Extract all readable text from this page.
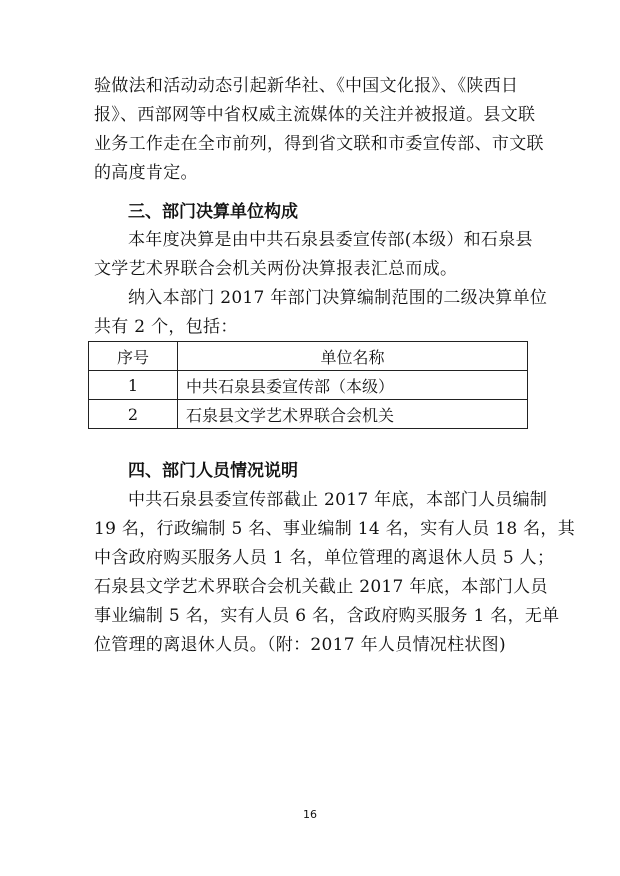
验做法和活动动态引起新华社、《中国文化报》、《陕西日
报》、西部网等中省权威主流媒体的关注并被报道。县文联
业务工作走在全市前列，得到省文联和市委宣传部、市文联
的高度肯定。
三、部门决算单位构成
本年度决算是由中共石泉县委宣传部(本级）和石泉县
文学艺术界联合会机关两份决算报表汇总而成。
纳入本部门 2017 年部门决算编制范围的二级决算单位
共有 2 个，包括：
序号	单位名称
1	中共石泉县委宣传部（本级）
2	石泉县文学艺术界联合会机关
四、部门人员情况说明
中共石泉县委宣传部截止 2017 年底，本部门人员编制
19 名，行政编制 5 名、事业编制 14 名，实有人员 18 名，其
中含政府购买服务人员 1 名，单位管理的离退休人员 5 人；
石泉县文学艺术界联合会机关截止 2017 年底，本部门人员
事业编制 5 名，实有人员 6 名，含政府购买服务 1 名，无单
位管理的离退休人员。（附：2017 年人员情况柱状图)
16
